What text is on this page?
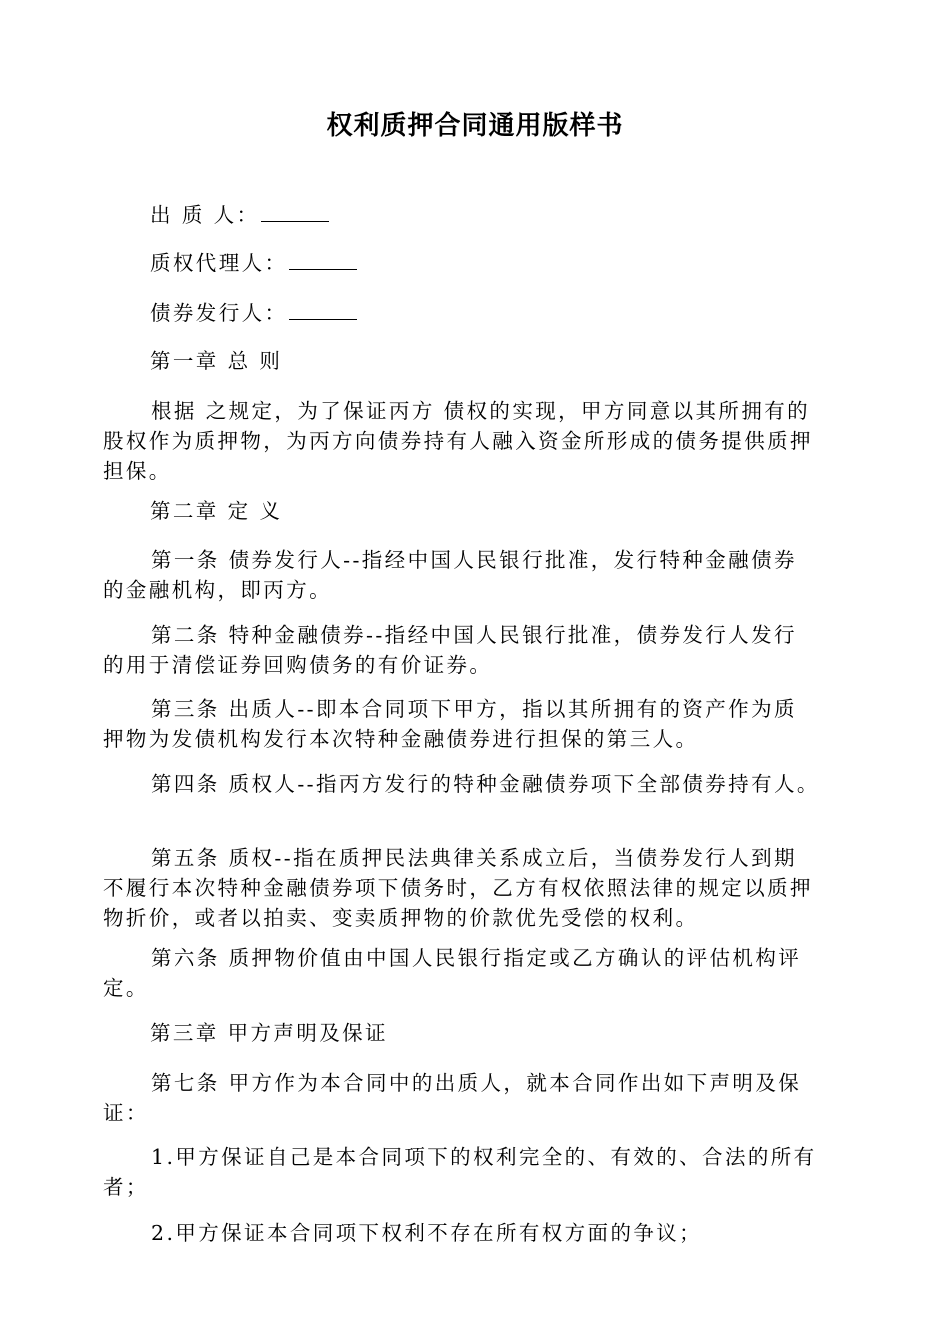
权利质押合同通用版样书

出 质 人：

质权代理人：

债券发行人：

第一章 总 则

根据 之规定，为了保证丙方 债权的实现，甲方同意以其所拥有的
股权作为质押物，为丙方向债券持有人融入资金所形成的债务提供质押
担保。

第二章 定 义

第一条 债券发行人--指经中国人民银行批准，发行特种金融债券
的金融机构，即丙方。
第二条 特种金融债券--指经中国人民银行批准，债券发行人发行
的用于清偿证券回购债务的有价证券。
第三条 出质人--即本合同项下甲方，指以其所拥有的资产作为质
押物为发债机构发行本次特种金融债券进行担保的第三人。
第四条 质权人--指丙方发行的特种金融债券项下全部债券持有人。
第五条 质权--指在质押民法典律关系成立后，当债券发行人到期
不履行本次特种金融债券项下债务时，乙方有权依照法律的规定以质押
物折价，或者以拍卖、变卖质押物的价款优先受偿的权利。
第六条 质押物价值由中国人民银行指定或乙方确认的评估机构评
定。

第三章 甲方声明及保证

第七条 甲方作为本合同中的出质人，就本合同作出如下声明及保
证：
1.甲方保证自己是本合同项下的权利完全的、有效的、合法的所有
者；
2.甲方保证本合同项下权利不存在所有权方面的争议；
